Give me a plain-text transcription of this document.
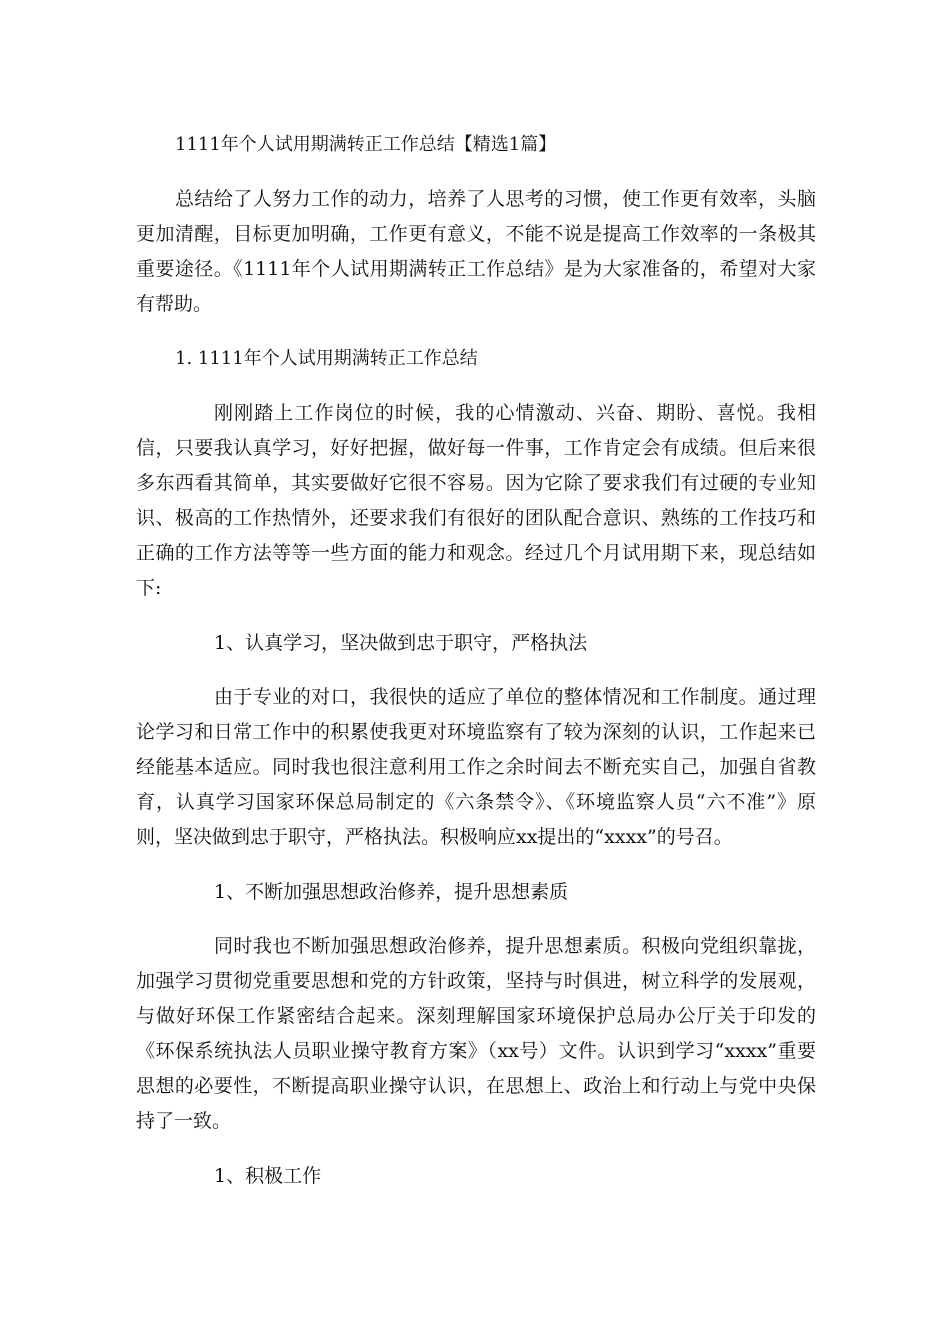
1111年个人试用期满转正工作总结【精选1篇】

总结给了人努力工作的动力，培养了人思考的习惯，使工作更有效率，头脑更加清醒，目标更加明确，工作更有意义，不能不说是提高工作效率的一条极其重要途径。《1111年个人试用期满转正工作总结》是为大家准备的，希望对大家有帮助。

1. 1111年个人试用期满转正工作总结

刚刚踏上工作岗位的时候，我的心情激动、兴奋、期盼、喜悦。我相信，只要我认真学习，好好把握，做好每一件事，工作肯定会有成绩。但后来很多东西看其简单，其实要做好它很不容易。因为它除了要求我们有过硬的专业知识、极高的工作热情外，还要求我们有很好的团队配合意识、熟练的工作技巧和正确的工作方法等等一些方面的能力和观念。经过几个月试用期下来，现总结如下:

1、认真学习，坚决做到忠于职守，严格执法

由于专业的对口，我很快的适应了单位的整体情况和工作制度。通过理论学习和日常工作中的积累使我更对环境监察有了较为深刻的认识，工作起来已经能基本适应。同时我也很注意利用工作之余时间去不断充实自己，加强自省教育，认真学习国家环保总局制定的《六条禁令》、《环境监察人员“六不准”》原则，坚决做到忠于职守，严格执法。积极响应xx提出的“xxxx”的号召。

1、不断加强思想政治修养，提升思想素质

同时我也不断加强思想政治修养，提升思想素质。积极向党组织靠拢，加强学习贯彻党重要思想和党的方针政策，坚持与时俱进，树立科学的发展观，与做好环保工作紧密结合起来。深刻理解国家环境保护总局办公厅关于印发的《环保系统执法人员职业操守教育方案》（xx号）文件。认识到学习“xxxx”重要思想的必要性，不断提高职业操守认识，在思想上、政治上和行动上与党中央保持了一致。

1、积极工作
